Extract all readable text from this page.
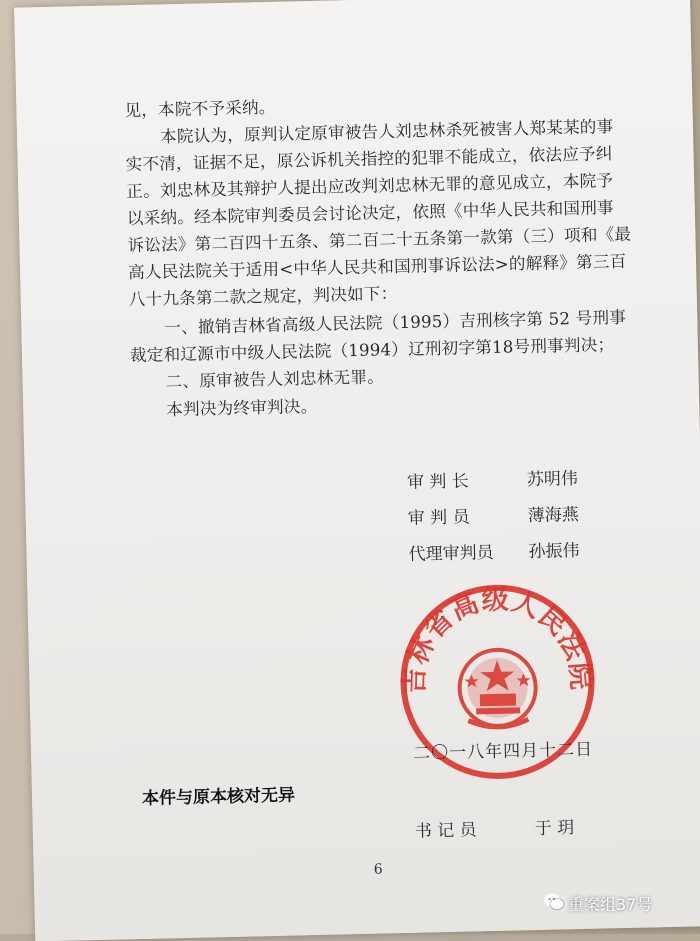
见，本院不予采纳。
本院认为，原判认定原审被告人刘忠林杀死被害人郑某某的事
实不清，证据不足，原公诉机关指控的犯罪不能成立，依法应予纠
正。刘忠林及其辩护人提出应改判刘忠林无罪的意见成立，本院予
以采纳。经本院审判委员会讨论决定，依照《中华人民共和国刑事
诉讼法》第二百四十五条、第二百二十五条第一款第（三）项和《最
高人民法院关于适用<中华人民共和国刑事诉讼法>的解释》第三百
八十九条第二款之规定，判决如下：
一、撤销吉林省高级人民法院（1995）吉刑核字第 52 号刑事
裁定和辽源市中级人民法院（1994）辽刑初字第18号刑事判决；
二、原审被告人刘忠林无罪。
本判决为终审判决。
审 判 长	苏明伟
审 判 员	薄海燕
代理审判员 孙振伟
吉林省高级人民法院
二〇一八年四月十二日
本件与原本核对无异
书 记 员	于 玥
6
重案组37号
